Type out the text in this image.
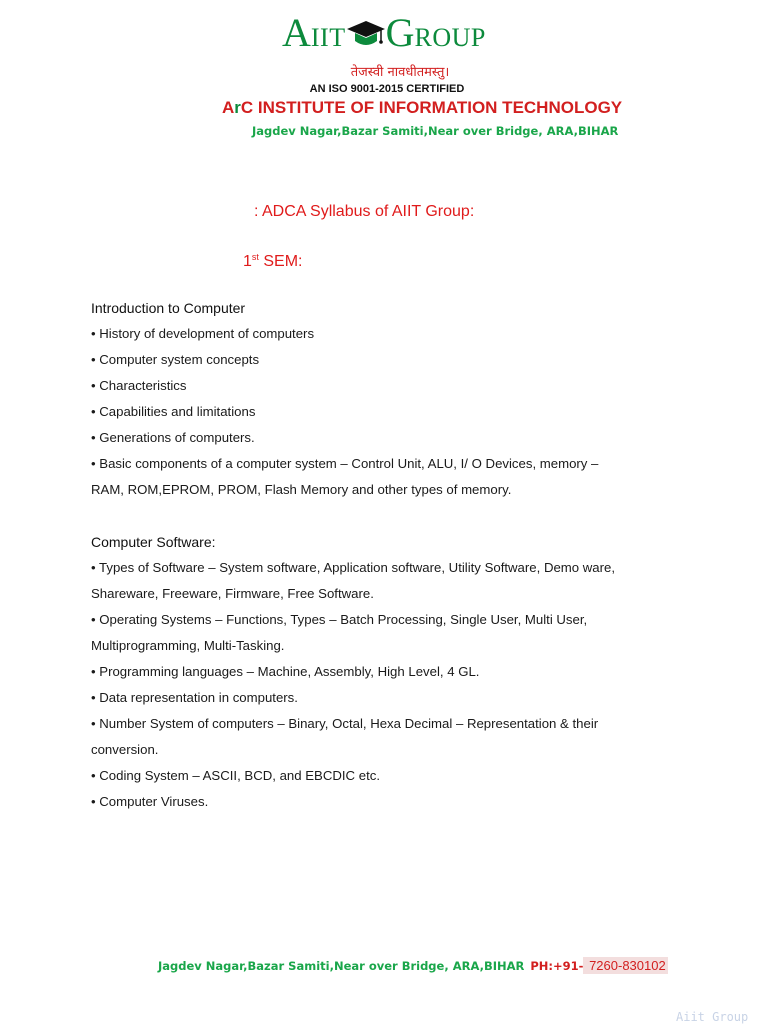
AIIT GROUP
तेजस्वी नावधीतमस्तु।
AN ISO 9001-2015 CERTIFIED
ArC INSTITUTE OF INFORMATION TECHNOLOGY
Jagdev Nagar,Bazar Samiti,Near over Bridge, ARA,BIHAR
: ADCA Syllabus of AIIT Group:
1st SEM:
Introduction to Computer
• History of development of computers
• Computer system concepts
• Characteristics
• Capabilities and limitations
• Generations of computers.
• Basic components of a computer system – Control Unit, ALU, I/ O Devices, memory –
RAM, ROM,EPROM, PROM, Flash Memory and other types of memory.
Computer Software:
• Types of Software – System software, Application software, Utility Software, Demo ware,
Shareware, Freeware, Firmware, Free Software.
• Operating Systems – Functions, Types – Batch Processing, Single User, Multi User,
Multiprogramming, Multi-Tasking.
• Programming languages – Machine, Assembly, High Level, 4 GL.
• Data representation in computers.
• Number System of computers – Binary, Octal, Hexa Decimal – Representation & their
conversion.
• Coding System – ASCII, BCD, and EBCDIC etc.
• Computer Viruses.
Jagdev Nagar,Bazar Samiti,Near over Bridge, ARA,BIHAR PH:+91- 7260-830102
Aiit Group
